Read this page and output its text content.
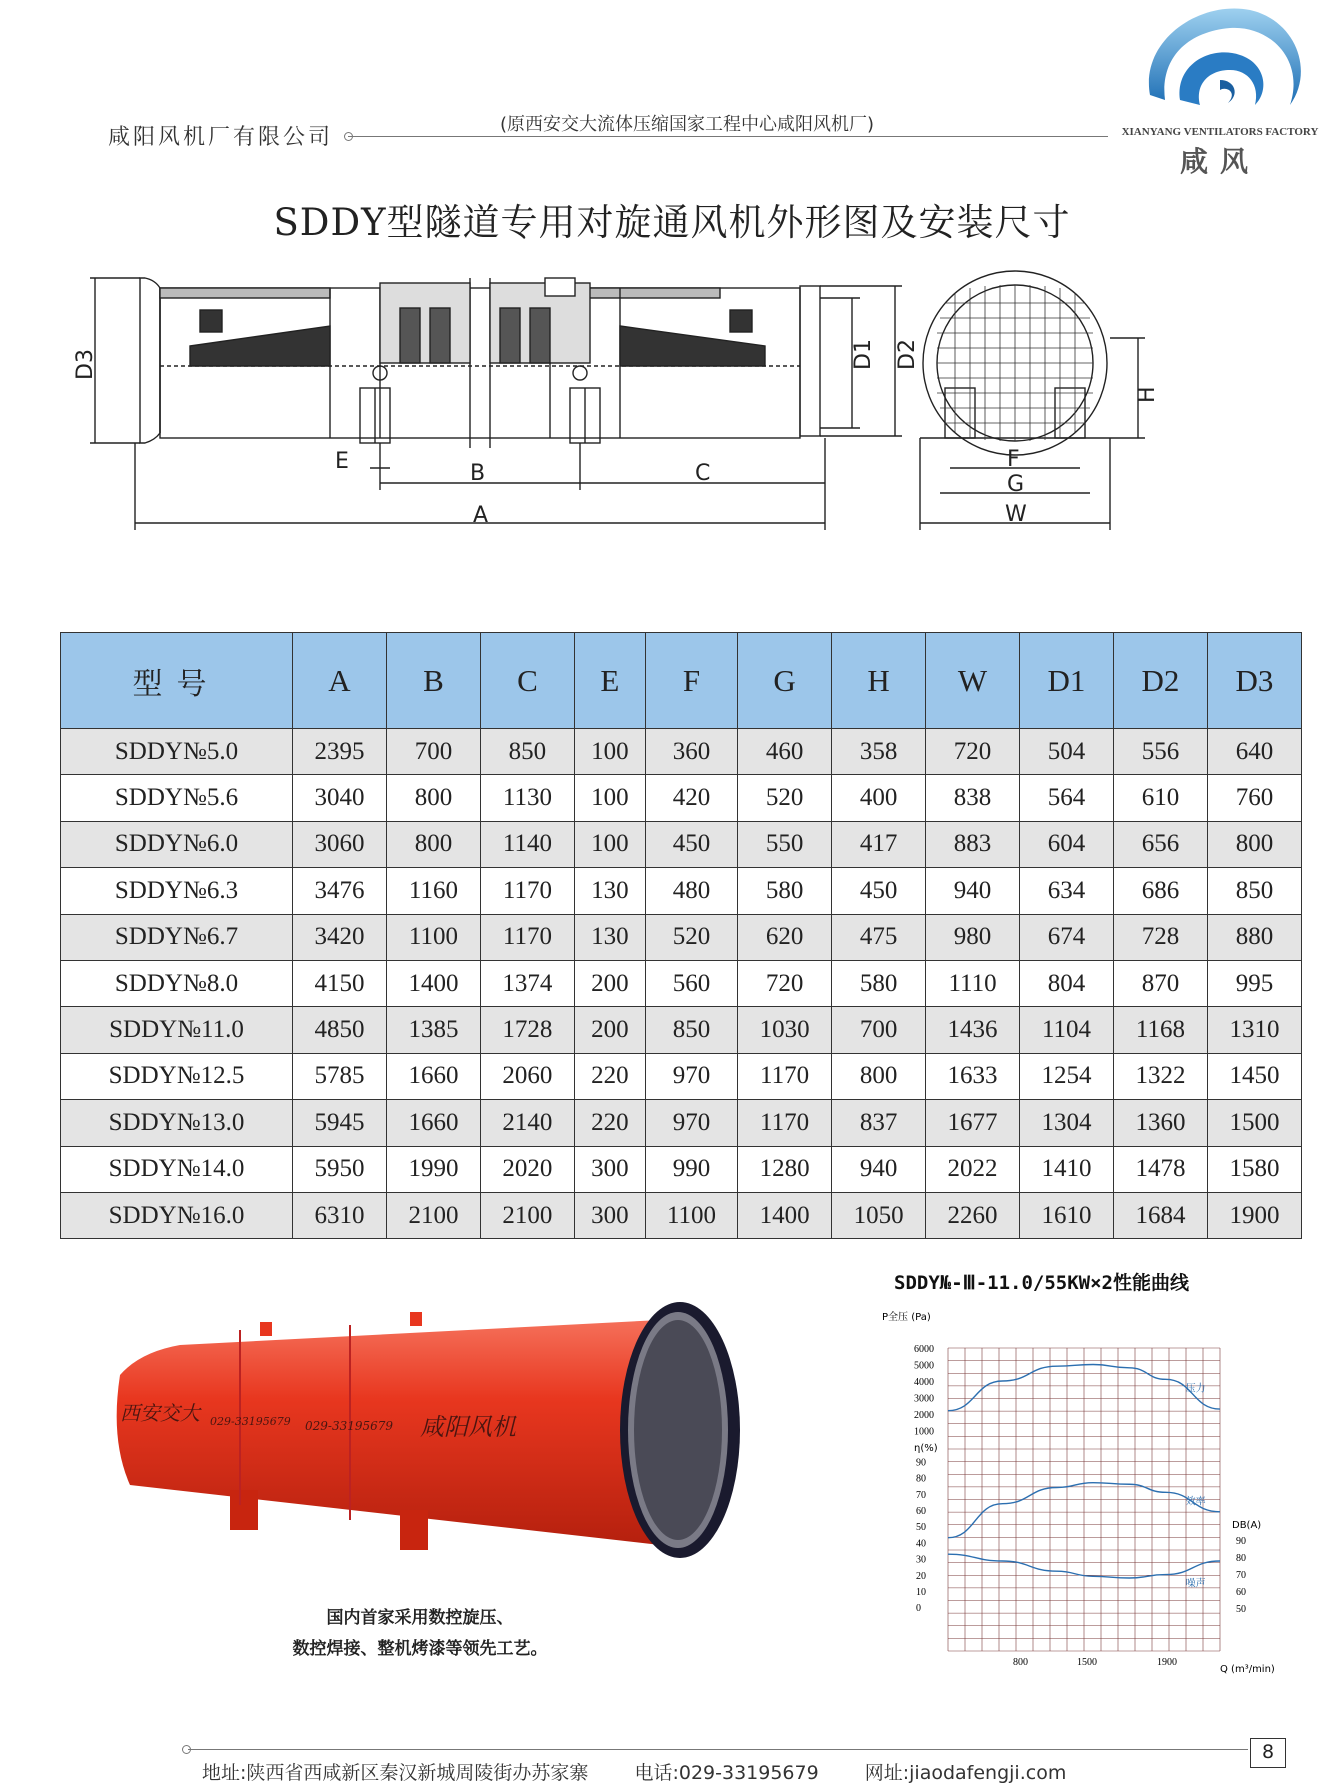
咸阳风机厂有限公司
(原西安交大流体压缩国家工程中心咸阳风机厂)	XIANYANG VENTILATORS FACTORY
咸风
SDDY型隧道专用对旋通风机外形图及安装尺寸
D3	D1 D2
E	B	C
A
F
G
W
H
型号	A	B	C	E	F	G	H	W	D1	D2	D3
SDDY№5.0	2395	700	850	100	360	460	358	720	504	556	640
SDDY№5.6	3040	800	1130	100	420	520	400	838	564	610	760
SDDY№6.0	3060	800	1140	100	450	550	417	883	604	656	800
SDDY№6.3	3476	1160	1170	130	480	580	450	940	634	686	850
SDDY№6.7	3420	1100	1170	130	520	620	475	980	674	728	880
SDDY№8.0	4150	1400	1374	200	560	720	580	1110	804	870	995
SDDY№11.0	4850	1385	1728	200	850	1030	700	1436	1104	1168	1310
SDDY№12.5	5785	1660	2060	220	970	1170	800	1633	1254	1322	1450
SDDY№13.0	5945	1660	2140	220	970	1170	837	1677	1304	1360	1500
SDDY№14.0	5950	1990	2020	300	990	1280	940	2022	1410	1478	1580
SDDY№16.0	6310	2100	2100	300	1100	1400	1050	2260	1610	1684	1900
西安交大 029-33195679 029-33195679 咸阳风机
国内首家采用数控旋压、
数控焊接、整机烤漆等领先工艺。
SDDY№-Ⅲ-11.0/55KW×2性能曲线
P全压 (Pa)
6000
5000
4000
3000
2000
1000
η(%)
90
80
70
60
50
40
30
20
10
0
DB(A)
90
80
70
60
50
800	1500	1900
Q (m³/min)
压力
效率
噪声
地址:陕西省西咸新区秦汉新城周陵街办苏家寨 电话:029-33195679 网址:jiaodafengji.com
8
